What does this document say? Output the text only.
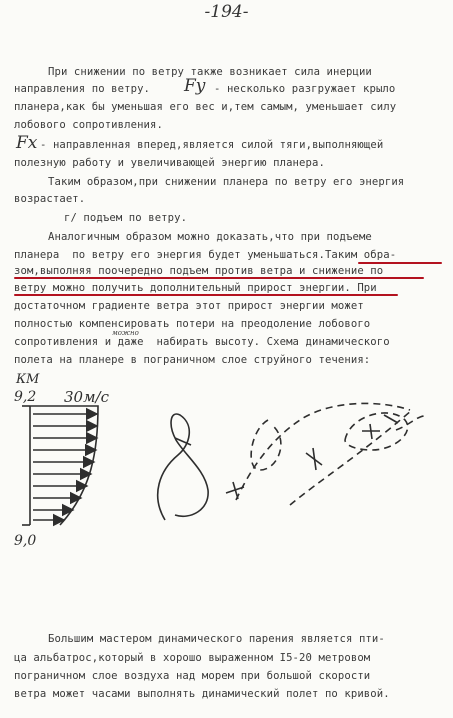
-194-
При снижении по ветру также возникает сила инерции
направления по ветру. Fy - несколько разгружает крыло
планера,как бы уменьшая его вес и,тем самым, уменьшает силу
лобового сопротивления.
Fx - направленная вперед,является силой тяги,выполняющей
полезную работу и увеличивающей энергию планера.
Таким образом,при снижении планера по ветру его энергия
возрастает.
г/ подъем по ветру.
Аналогичным образом можно доказать,что при подъеме
планера  по ветру его энергия будет уменьшаться.Таким обра-
зом,выполняя поочередно подъем против ветра и снижение по
ветру можно получить дополнительный прирост энергии. При
достаточном градиенте ветра этот прирост энергии может
полностью компенсировать потери на преодоление лобового
можно
сопротивления и даже  набирать высоту. Схема динамического
полета на планере в пограничном слое струйного течения:
9,2
9,0
КМ
30м/с
Большим мастером динамического парения является пти-
ца альбатрос,который в хорошо выраженном I5-20 метровом
пограничном слое воздуха над морем при большой скорости
ветра может часами выполнять динамический полет по кривой.
